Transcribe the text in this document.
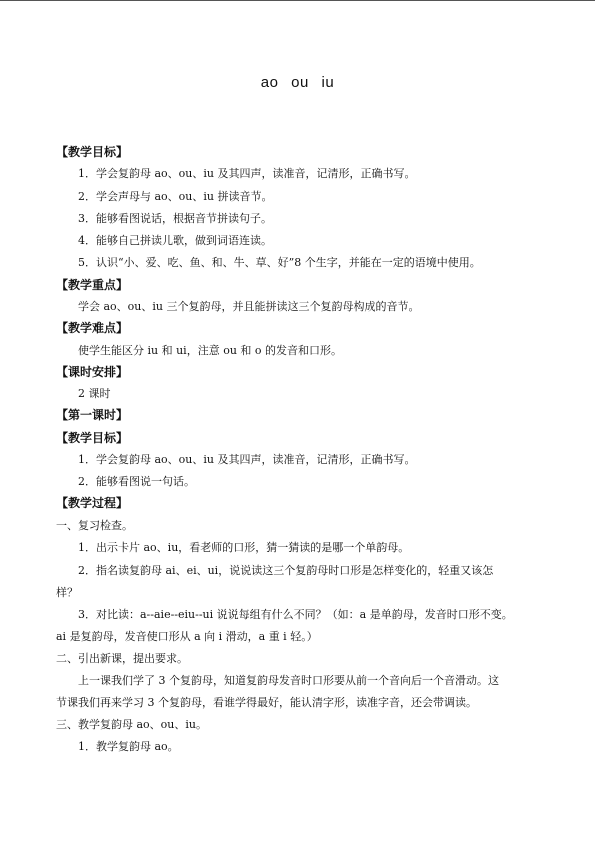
ao ou iu
【教学目标】
1．学会复韵母 ao、ou、iu 及其四声，读准音，记清形，正确书写。
2．学会声母与 ao、ou、iu 拼读音节。
3．能够看图说话，根据音节拼读句子。
4．能够自己拼读儿歌，做到词语连读。
5．认识“小、爱、吃、鱼、和、牛、草、好”8 个生字，并能在一定的语境中使用。
【教学重点】
学会 ao、ou、iu 三个复韵母，并且能拼读这三个复韵母构成的音节。
【教学难点】
使学生能区分 iu 和 ui，注意 ou 和 o 的发音和口形。
【课时安排】
2 课时
【第一课时】
【教学目标】
1．学会复韵母 ao、ou、iu 及其四声，读准音，记清形，正确书写。
2．能够看图说一句话。
【教学过程】
一、复习检查。
1．出示卡片 ao、iu，看老师的口形，猜一猜读的是哪一个单韵母。
2．指名读复韵母 ai、ei、ui，说说读这三个复韵母时口形是怎样变化的，轻重又该怎
样？
3．对比读：a--aie--eiu--ui 说说每组有什么不同？（如：a 是单韵母，发音时口形不变。
ai 是复韵母，发音使口形从 a 向 i 滑动，a 重 i 轻。）
二、引出新课，提出要求。
上一课我们学了 3 个复韵母，知道复韵母发音时口形要从前一个音向后一个音滑动。这
节课我们再来学习 3 个复韵母，看谁学得最好，能认清字形，读准字音，还会带调读。
三、教学复韵母 ao、ou、iu。
1．教学复韵母 ao。
